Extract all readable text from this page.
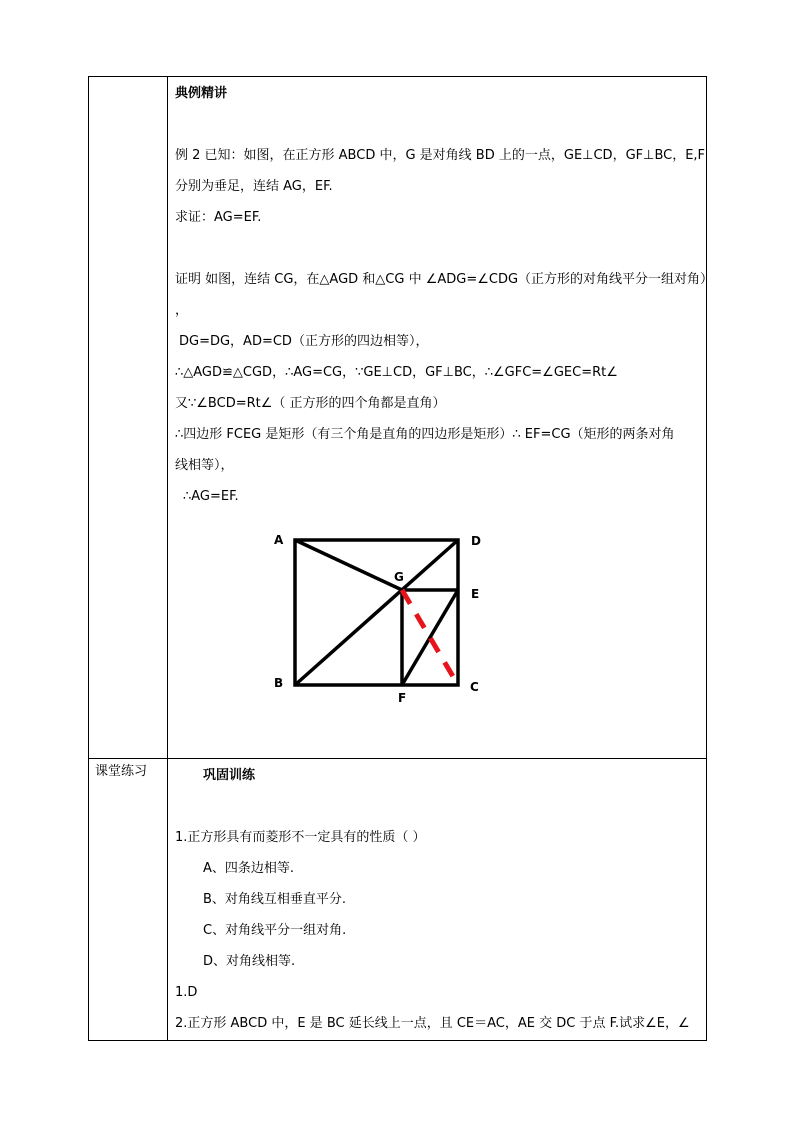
典例精讲
例 2 已知：如图，在正方形 ABCD 中，G 是对角线 BD 上的一点，GE⊥CD，GF⊥BC，E,F
分别为垂足，连结 AG，EF.
求证：AG=EF.
证明 如图，连结 CG，在△AGD 和△CG 中 ∠ADG=∠CDG（正方形的对角线平分一组对角）
，
DG=DG，AD=CD（正方形的四边相等），
∴△AGD≌△CGD，∴AG=CG，∵GE⊥CD，GF⊥BC，∴∠GFC=∠GEC=Rt∠
又∵∠BCD=Rt∠（ 正方形的四个角都是直角）
∴四边形 FCEG 是矩形（有三个角是直角的四边形是矩形）∴ EF=CG（矩形的两条对角
线相等），
∴AG=EF.
课堂练习	巩固训练
1.正方形具有而菱形不一定具有的性质（ ）
A、四条边相等.
B、对角线互相垂直平分.
C、对角线平分一组对角.
D、对角线相等.
1.D
2.正方形 ABCD 中，E 是 BC 延长线上一点，且 CE＝AC，AE 交 DC 于点 F.试求∠E，∠
A	D
G
E
B	C
F
